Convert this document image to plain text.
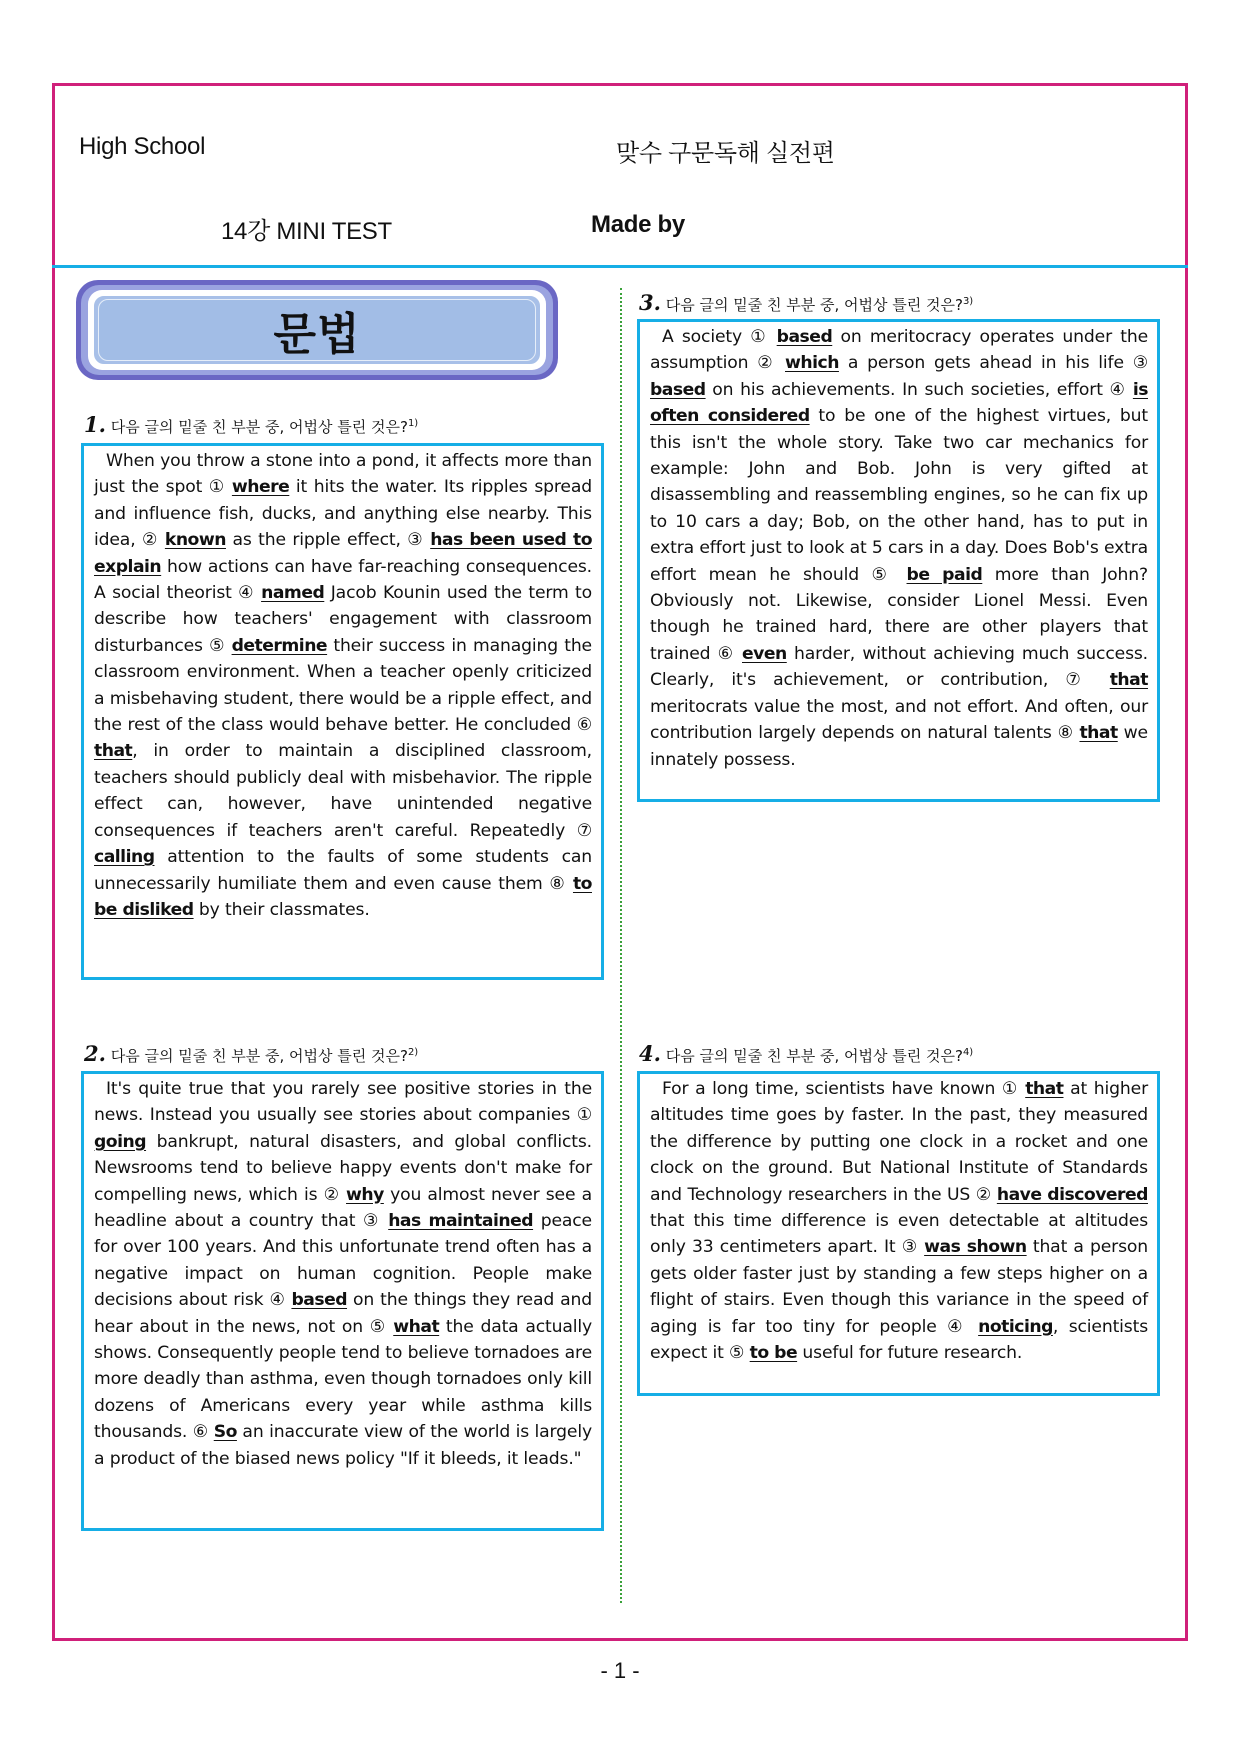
High School	맞수 구문독해 실전편
14강 MINI TEST	Made by
문법
1. 다음 글의 밑줄 친 부분 중, 어법상 틀린 것은?$^{1)}$

When you throw a stone into a pond, it affects more than just the spot ① where it hits the water. Its ripples spread and influence fish, ducks, and anything else nearby. This idea, ② known as the ripple effect, ③ has been used to explain how actions can have far-reaching consequences. A social theorist ④ named Jacob Kounin used the term to describe how teachers' engagement with classroom disturbances ⑤ determine their success in managing the classroom environment. When a teacher openly criticized a misbehaving student, there would be a ripple effect, and the rest of the class would behave better. He concluded ⑥ that, in order to maintain a disciplined classroom, teachers should publicly deal with misbehavior. The ripple effect can, however, have unintended negative consequences if teachers aren't careful. Repeatedly ⑦ calling attention to the faults of some students can unnecessarily humiliate them and even cause them ⑧ to be disliked by their classmates.

2. 다음 글의 밑줄 친 부분 중, 어법상 틀린 것은?$^{2)}$

It's quite true that you rarely see positive stories in the news. Instead you usually see stories about companies ① going bankrupt, natural disasters, and global conflicts. Newsrooms tend to believe happy events don't make for compelling news, which is ② why you almost never see a headline about a country that ③ has maintained peace for over 100 years. And this unfortunate trend often has a negative impact on human cognition. People make decisions about risk ④ based on the things they read and hear about in the news, not on ⑤ what the data actually shows. Consequently people tend to believe tornadoes are more deadly than asthma, even though tornadoes only kill dozens of Americans every year while asthma kills thousands. ⑥ So an inaccurate view of the world is largely a product of the biased news policy "If it bleeds, it leads."

3. 다음 글의 밑줄 친 부분 중, 어법상 틀린 것은?$^{3)}$

A society ① based on meritocracy operates under the assumption ② which a person gets ahead in his life ③ based on his achievements. In such societies, effort ④ is often considered to be one of the highest virtues, but this isn't the whole story. Take two car mechanics for example: John and Bob. John is very gifted at disassembling and reassembling engines, so he can fix up to 10 cars a day; Bob, on the other hand, has to put in extra effort just to look at 5 cars in a day. Does Bob's extra effort mean he should ⑤ be paid more than John? Obviously not. Likewise, consider Lionel Messi. Even though he trained hard, there are other players that trained ⑥ even harder, without achieving much success. Clearly, it's achievement, or contribution, ⑦ that meritocrats value the most, and not effort. And often, our contribution largely depends on natural talents ⑧ that we innately possess.

4. 다음 글의 밑줄 친 부분 중, 어법상 틀린 것은?$^{4)}$

For a long time, scientists have known ① that at higher altitudes time goes by faster. In the past, they measured the difference by putting one clock in a rocket and one clock on the ground. But National Institute of Standards and Technology researchers in the US ② have discovered that this time difference is even detectable at altitudes only 33 centimeters apart. It ③ was shown that a person gets older faster just by standing a few steps higher on a flight of stairs. Even though this variance in the speed of aging is far too tiny for people ④ noticing, scientists expect it ⑤ to be useful for future research.

- 1 -
